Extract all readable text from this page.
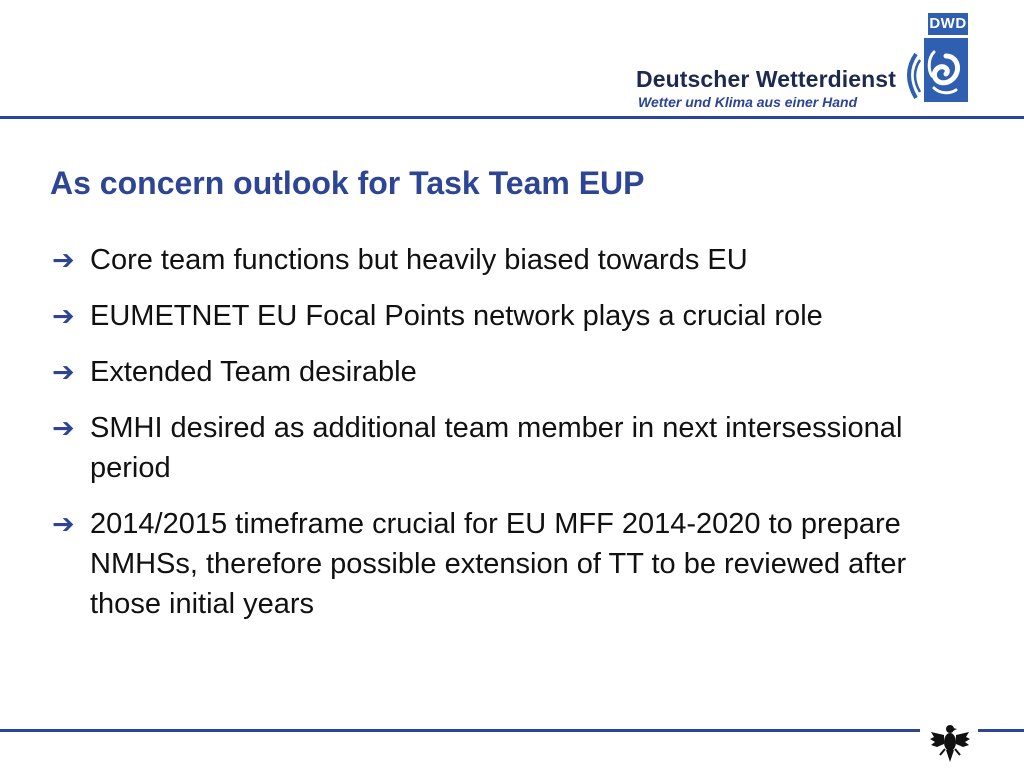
Deutscher Wetterdienst
Wetter und Klima aus einer Hand
DWD
As concern outlook for Task Team EUP
➔ Core team functions but heavily biased towards EU
➔ EUMETNET EU Focal Points network plays a crucial role
➔ Extended Team desirable
➔ SMHI desired as additional team member in next intersessional period
➔ 2014/2015 timeframe crucial for EU MFF 2014-2020 to prepare NMHSs, therefore possible extension of TT to be reviewed after those initial years
